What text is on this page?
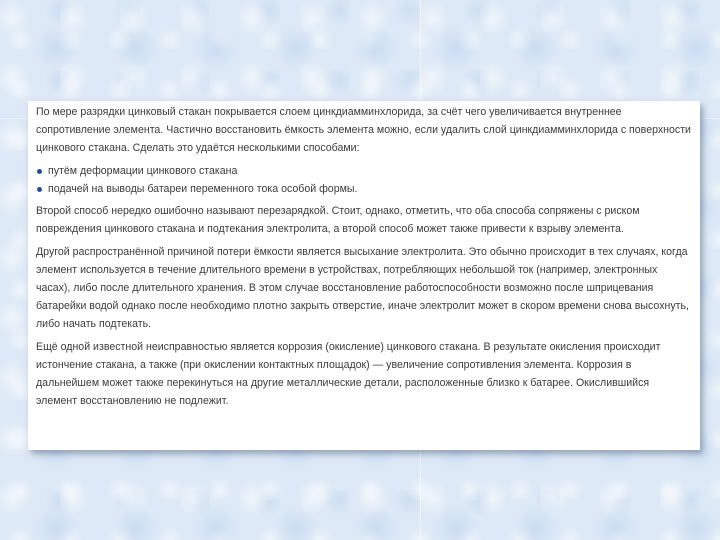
По мере разрядки цинковый стакан покрывается слоем цинкдиамминхлорида, за счёт чего увеличивается внутреннее сопротивление элемента. Частично восстановить ёмкость элемента можно, если удалить слой цинкдиамминхлорида с поверхности цинкового стакана. Сделать это удаётся несколькими способами:

путём деформации цинкового стакана
подачей на выводы батареи переменного тока особой формы.

Второй способ нередко ошибочно называют перезарядкой. Стоит, однако, отметить, что оба способа сопряжены с риском повреждения цинкового стакана и подтекания электролита, а второй способ может также привести к взрыву элемента.

Другой распространённой причиной потери ёмкости является высыхание электролита. Это обычно происходит в тех случаях, когда элемент используется в течение длительного времени в устройствах, потребляющих небольшой ток (например, электронных часах), либо после длительного хранения. В этом случае восстановление работоспособности возможно после шприцевания батарейки водой однако после необходимо плотно закрыть отверстие, иначе электролит может в скором времени снова высохнуть, либо начать подтекать.

Ещё одной известной неисправностью является коррозия (окисление) цинкового стакана. В результате окисления происходит истончение стакана, а также (при окислении контактных площадок) — увеличение сопротивления элемента. Коррозия в дальнейшем может также перекинуться на другие металлические детали, расположенные близко к батарее. Окислившийся элемент восстановлению не подлежит.
